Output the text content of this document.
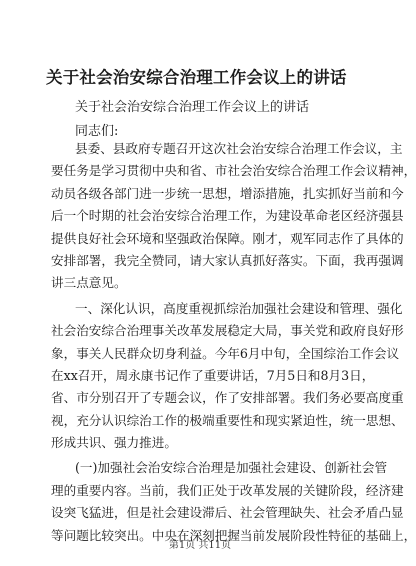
关于社会治安综合治理工作会议上的讲话
关于社会治安综合治理工作会议上的讲话
同志们:
县委、县政府专题召开这次社会治安综合治理工作会议，主
要任务是学习贯彻中央和省、市社会治安综合治理工作会议精神，
动员各级各部门进一步统一思想，增添措施，扎实抓好当前和今
后一个时期的社会治安综合治理工作，为建设革命老区经济强县
提供良好社会环境和坚强政治保障。刚才，观军同志作了具体的
安排部署，我完全赞同，请大家认真抓好落实。下面，我再强调
讲三点意见。
一、深化认识，高度重视抓综治加强社会建设和管理、强化
社会治安综合治理事关改革发展稳定大局，事关党和政府良好形
象，事关人民群众切身利益。今年6月中旬，全国综治工作会议
在xx召开，周永康书记作了重要讲话，7月5日和8月3日，
省、市分别召开了专题会议，作了安排部署。我们务必要高度重
视，充分认识综治工作的极端重要性和现实紧迫性，统一思想、
形成共识、强力推进。
(一)加强社会治安综合治理是加强社会建设、创新社会管
理的重要内容。当前，我们正处于改革发展的关键阶段，经济建
设突飞猛进，但是社会建设滞后、社会管理缺失、社会矛盾凸显
等问题比较突出。中央在深刻把握当前发展阶段性特征的基础上，
第1页 共11页
